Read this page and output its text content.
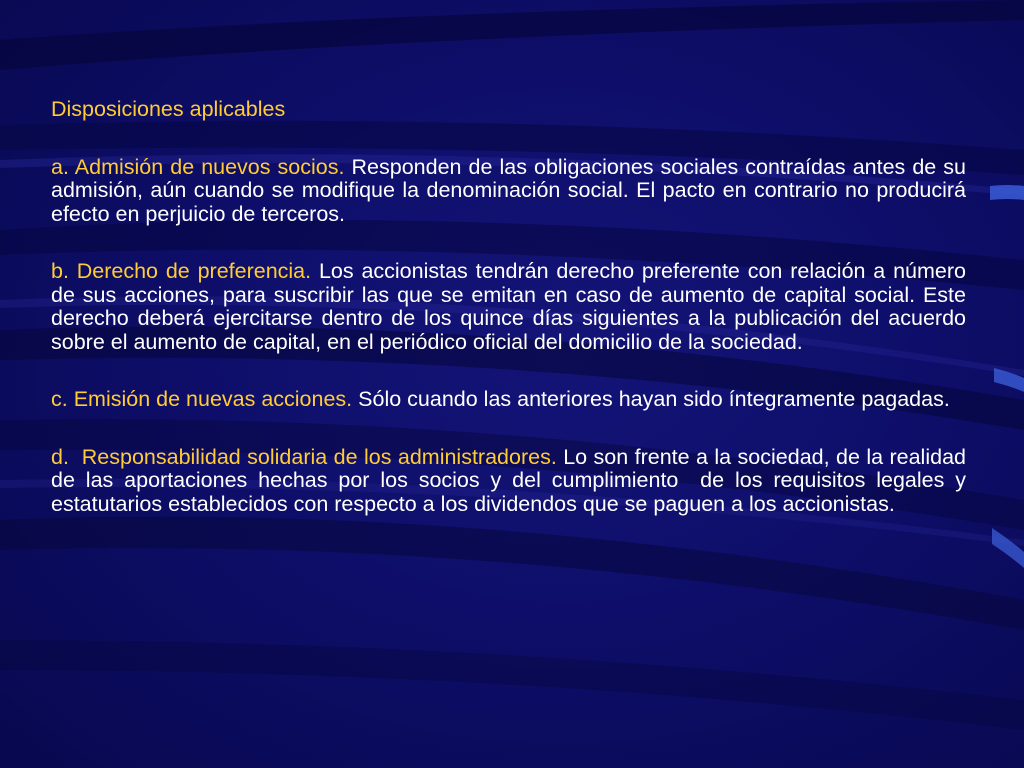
Disposiciones aplicables
a. Admisión de nuevos socios. Responden de las obligaciones sociales contraídas antes de su admisión, aún cuando se modifique la denominación social. El pacto en contrario no producirá efecto en perjuicio de terceros.
b. Derecho de preferencia. Los accionistas tendrán derecho preferente con relación a número de sus acciones, para suscribir las que se emitan en caso de aumento de capital social. Este derecho deberá ejercitarse dentro de los quince días siguientes a la publicación del acuerdo sobre el aumento de capital, en el periódico oficial del domicilio de la sociedad.
c. Emisión de nuevas acciones. Sólo cuando las anteriores hayan sido íntegramente pagadas.
d.  Responsabilidad solidaria de los administradores. Lo son frente a la sociedad, de la realidad de las aportaciones hechas por los socios y del cumplimiento  de los requisitos legales y estatutarios establecidos con respecto a los dividendos que se paguen a los accionistas.
